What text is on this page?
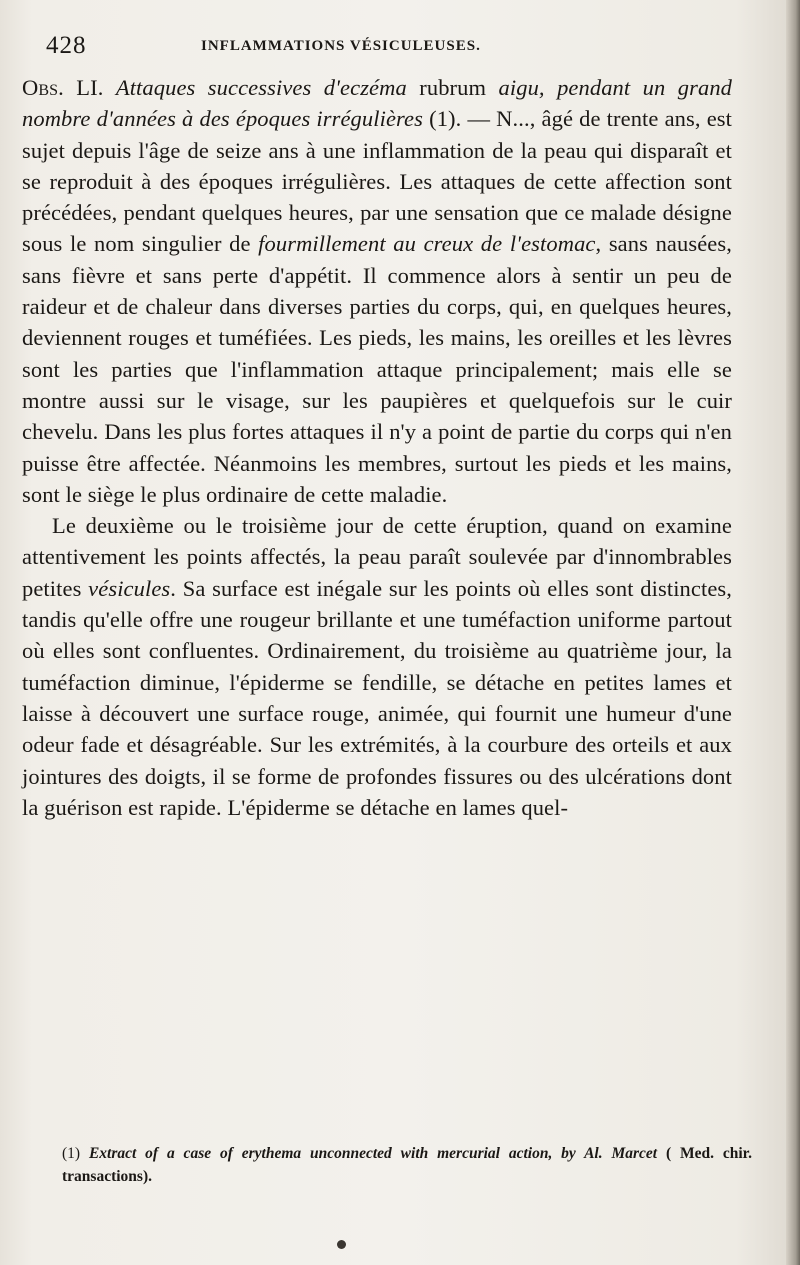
428	INFLAMMATIONS VÉSICULEUSES.

Obs. LI. Attaques successives d'eczéma rubrum aigu, pendant un grand nombre d'années à des époques irrégulières (1). — N..., âgé de trente ans, est sujet depuis l'âge de seize ans à une inflammation de la peau qui disparaît et se reproduit à des époques irrégulières. Les attaques de cette affection sont précédées, pendant quelques heures, par une sensation que ce malade désigne sous le nom singulier de fourmillement au creux de l'estomac, sans nausées, sans fièvre et sans perte d'appétit. Il commence alors à sentir un peu de raideur et de chaleur dans diverses parties du corps, qui, en quelques heures, deviennent rouges et tuméfiées. Les pieds, les mains, les oreilles et les lèvres sont les parties que l'inflammation attaque principalement; mais elle se montre aussi sur le visage, sur les paupières et quelquefois sur le cuir chevelu. Dans les plus fortes attaques il n'y a point de partie du corps qui n'en puisse être affectée. Néanmoins les membres, surtout les pieds et les mains, sont le siège le plus ordinaire de cette maladie.

Le deuxième ou le troisième jour de cette éruption, quand on examine attentivement les points affectés, la peau paraît soulevée par d'innombrables petites vésicules. Sa surface est inégale sur les points où elles sont distinctes, tandis qu'elle offre une rougeur brillante et une tuméfaction uniforme partout où elles sont confluentes. Ordinairement, du troisième au quatrième jour, la tuméfaction diminue, l'épiderme se fendille, se détache en petites lames et laisse à découvert une surface rouge, animée, qui fournit une humeur d'une odeur fade et désagréable. Sur les extrémités, à la courbure des orteils et aux jointures des doigts, il se forme de profondes fissures ou des ulcérations dont la guérison est rapide. L'épiderme se détache en lames quel-

(1) Extract of a case of erythema unconnected with mercurial action, by Al. Marcet ( Med. chir. transactions).
